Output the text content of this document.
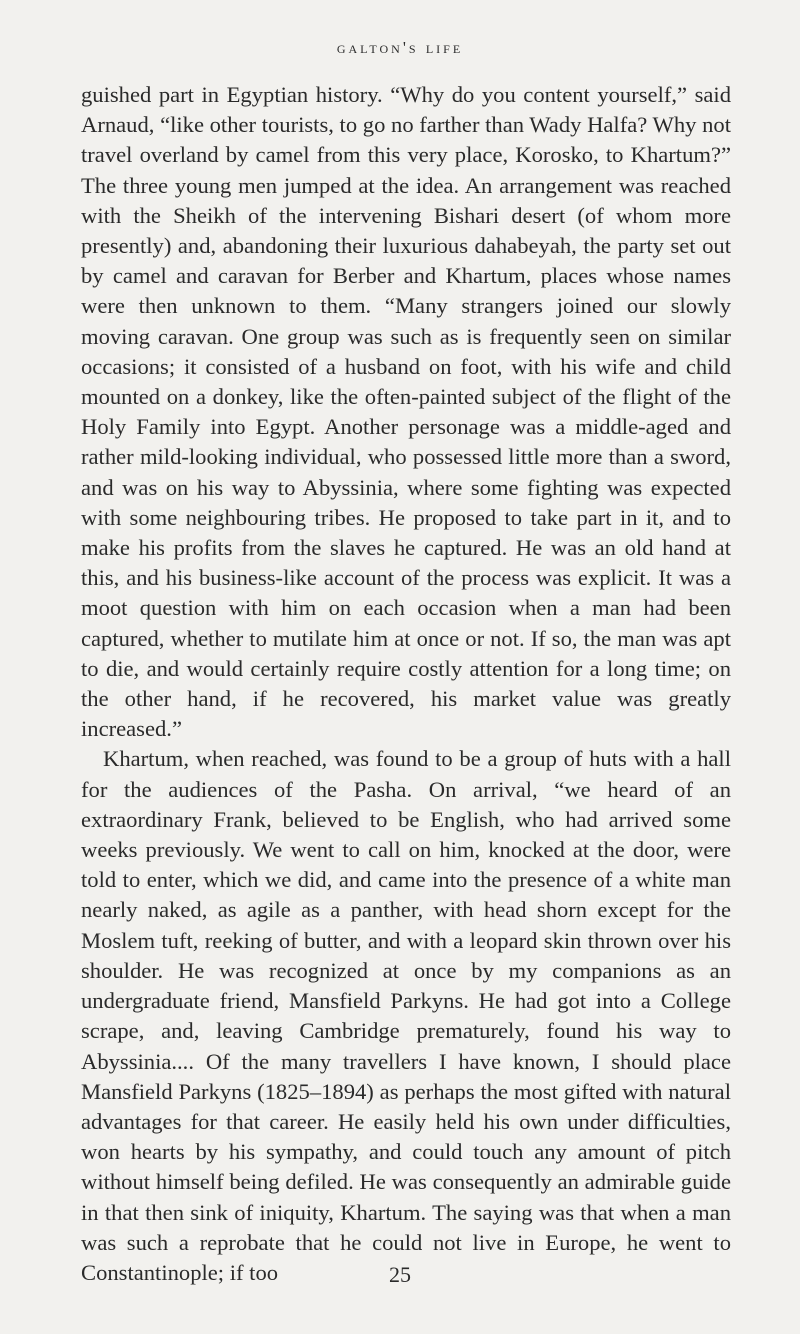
galton's life

guished part in Egyptian history. “Why do you content yourself,” said Arnaud, “like other tourists, to go no farther than Wady Halfa? Why not travel overland by camel from this very place, Korosko, to Khartum?” The three young men jumped at the idea. An arrangement was reached with the Sheikh of the intervening Bishari desert (of whom more presently) and, abandoning their luxurious dahabeyah, the party set out by camel and caravan for Berber and Khartum, places whose names were then unknown to them. “Many strangers joined our slowly moving caravan. One group was such as is frequently seen on similar occasions; it consisted of a husband on foot, with his wife and child mounted on a donkey, like the often-painted subject of the flight of the Holy Family into Egypt. Another personage was a middle-aged and rather mild-looking individual, who possessed little more than a sword, and was on his way to Abyssinia, where some fighting was expected with some neighbouring tribes. He proposed to take part in it, and to make his profits from the slaves he captured. He was an old hand at this, and his business-like account of the process was explicit. It was a moot question with him on each occasion when a man had been captured, whether to mutilate him at once or not. If so, the man was apt to die, and would certainly require costly attention for a long time; on the other hand, if he recovered, his market value was greatly increased.”

Khartum, when reached, was found to be a group of huts with a hall for the audiences of the Pasha. On arrival, “we heard of an extraordinary Frank, believed to be English, who had arrived some weeks previously. We went to call on him, knocked at the door, were told to enter, which we did, and came into the presence of a white man nearly naked, as agile as a panther, with head shorn except for the Moslem tuft, reeking of butter, and with a leopard skin thrown over his shoulder. He was recognized at once by my companions as an undergraduate friend, Mansfield Parkyns. He had got into a College scrape, and, leaving Cambridge prematurely, found his way to Abyssinia.... Of the many travellers I have known, I should place Mansfield Parkyns (1825–1894) as perhaps the most gifted with natural advantages for that career. He easily held his own under difficulties, won hearts by his sympathy, and could touch any amount of pitch without himself being defiled. He was consequently an admirable guide in that then sink of iniquity, Khartum. The saying was that when a man was such a reprobate that he could not live in Europe, he went to Constantinople; if too	25
